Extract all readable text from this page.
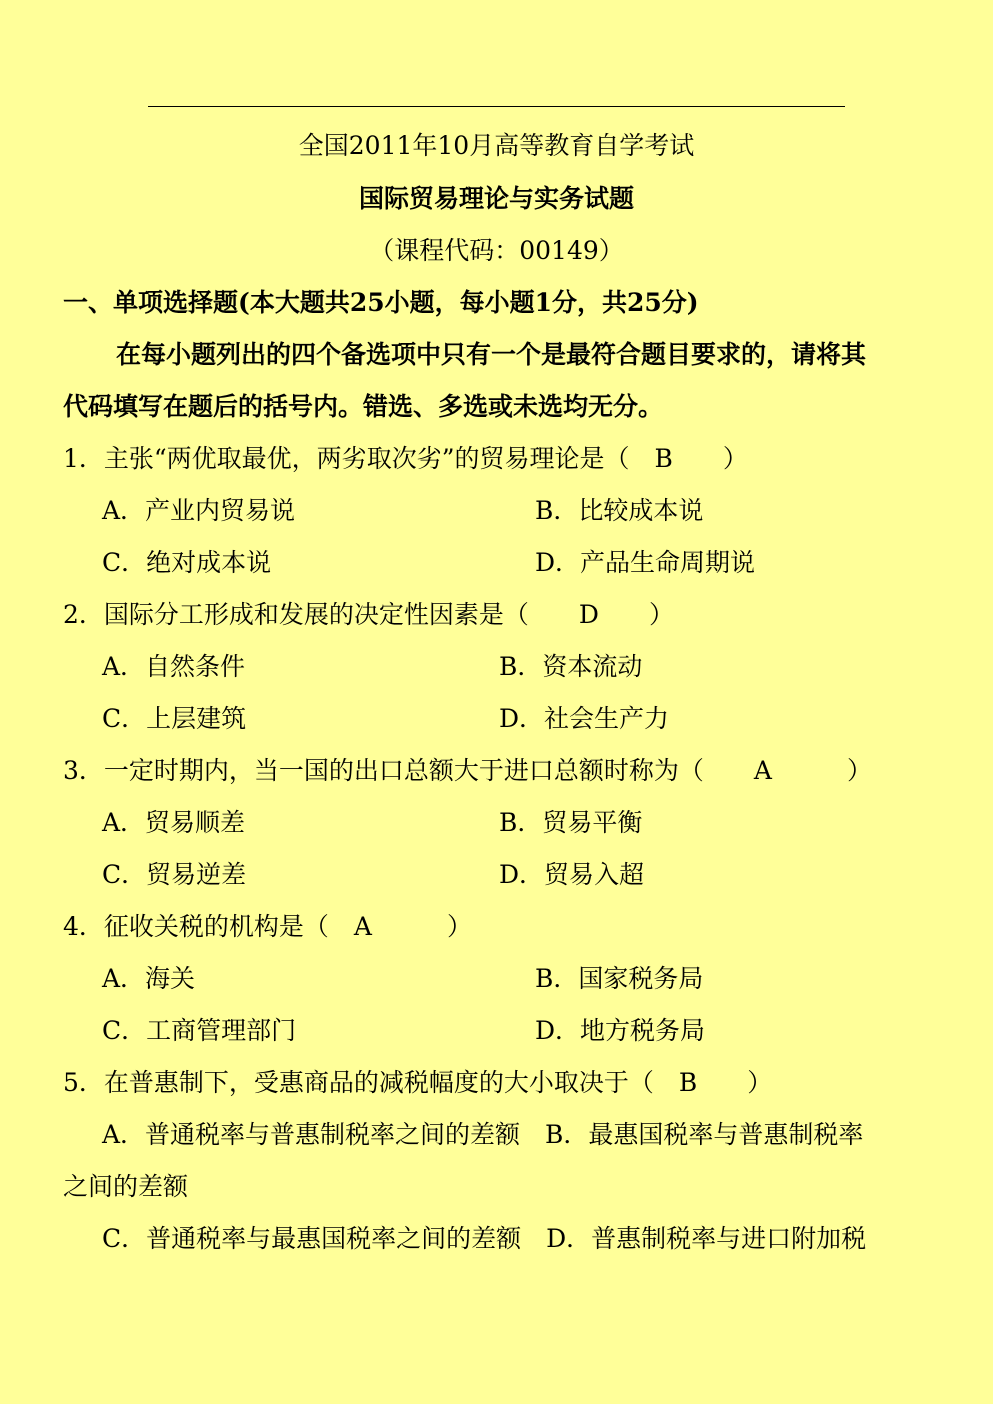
全国2011年10月高等教育自学考试
国际贸易理论与实务试题
（课程代码：00149）
一、单项选择题(本大题共25小题，每小题1分，共25分)
在每小题列出的四个备选项中只有一个是最符合题目要求的，请将其
代码填写在题后的括号内。错选、多选或未选均无分。
1．主张“两优取最优，两劣取次劣”的贸易理论是（　B　　）
A．产业内贸易说	B．比较成本说
C．绝对成本说	D．产品生命周期说
2．国际分工形成和发展的决定性因素是（　　D　　）
A．自然条件	B．资本流动
C．上层建筑	D．社会生产力
3．一定时期内，当一国的出口总额大于进口总额时称为（　　A　　　）
A．贸易顺差	B．贸易平衡
C．贸易逆差	D．贸易入超
4．征收关税的机构是（　A　　　）
A．海关	B．国家税务局
C．工商管理部门	D．地方税务局
5．在普惠制下，受惠商品的减税幅度的大小取决于（　B　　）
A．普通税率与普惠制税率之间的差额　B．最惠国税率与普惠制税率
之间的差额
C．普通税率与最惠国税率之间的差额　D．普惠制税率与进口附加税
